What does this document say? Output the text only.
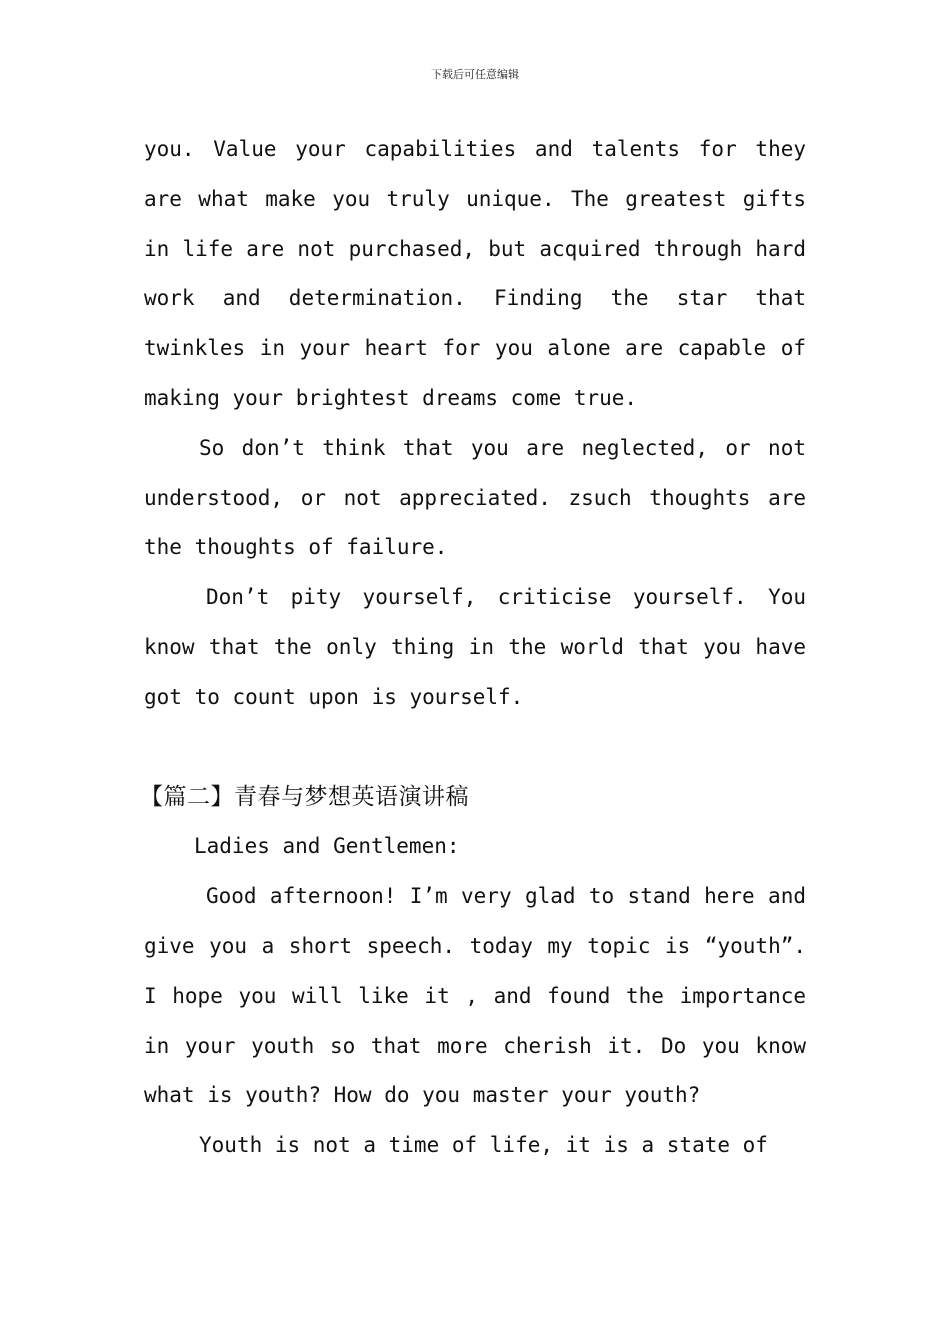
下载后可任意编辑

you. Value your capabilities and talents for they are what make you truly unique. The greatest gifts in life are not purchased, but acquired through hard work and determination. Finding the star that twinkles in your heart for you alone are capable of making your brightest dreams come true.

So don’t think that you are neglected, or not understood, or not appreciated. zsuch thoughts are the thoughts of failure.

Don’t pity yourself, criticise yourself. You know that the only thing in the world that you have got to count upon is yourself.

【篇二】青春与梦想英语演讲稿

Ladies and Gentlemen:

Good afternoon! I’m very glad to stand here and give you a short speech. today my topic is “youth”. I hope you will like it , and found the importance in your youth so that more cherish it. Do you know what is youth? How do you master your youth?

Youth is not a time of life, it is a state of
